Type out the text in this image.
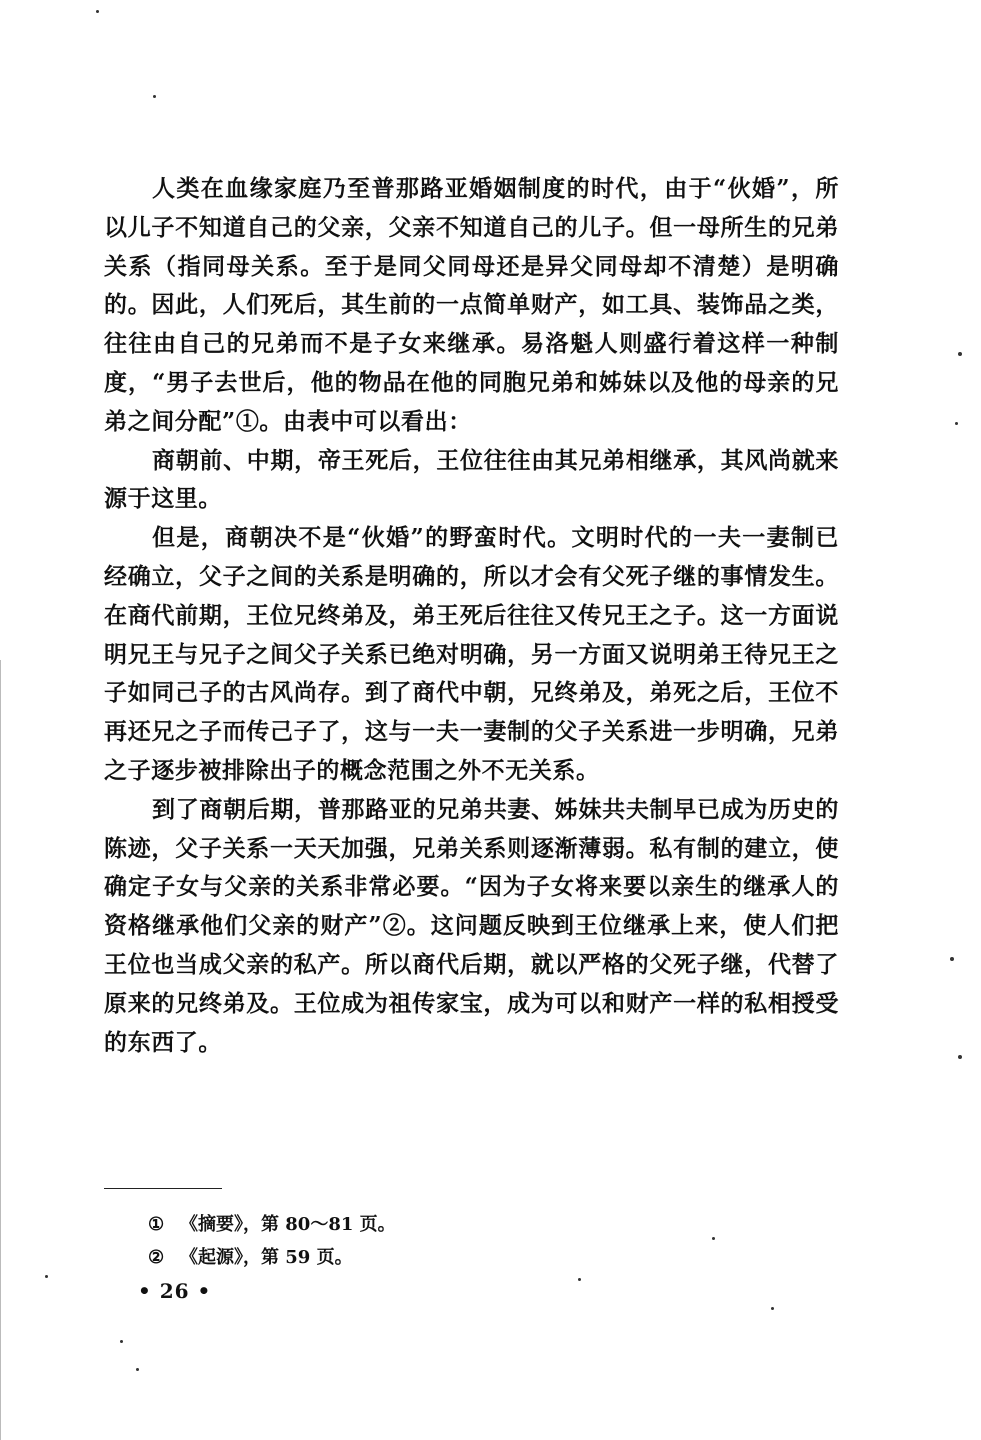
人类在血缘家庭乃至普那路亚婚姻制度的时代，由于“伙婚”，所以儿子不知道自己的父亲，父亲不知道自己的儿子。但一母所生的兄弟关系（指同母关系。至于是同父同母还是异父同母却不清楚）是明确的。因此，人们死后，其生前的一点简单财产，如工具、装饰品之类，往往由自己的兄弟而不是子女来继承。易洛魁人则盛行着这样一种制度，“男子去世后，他的物品在他的同胞兄弟和姊妹以及他的母亲的兄弟之间分配”①。由表中可以看出：

商朝前、中期，帝王死后，王位往往由其兄弟相继承，其风尚就来源于这里。

但是，商朝决不是“伙婚”的野蛮时代。文明时代的一夫一妻制已经确立，父子之间的关系是明确的，所以才会有父死子继的事情发生。在商代前期，王位兄终弟及，弟王死后往往又传兄王之子。这一方面说明兄王与兄子之间父子关系已绝对明确，另一方面又说明弟王待兄王之子如同己子的古风尚存。到了商代中朝，兄终弟及，弟死之后，王位不再还兄之子而传己子了，这与一夫一妻制的父子关系进一步明确，兄弟之子逐步被排除出子的概念范围之外不无关系。

到了商朝后期，普那路亚的兄弟共妻、姊妹共夫制早已成为历史的陈迹，父子关系一天天加强，兄弟关系则逐渐薄弱。私有制的建立，使确定子女与父亲的关系非常必要。“因为子女将来要以亲生的继承人的资格继承他们父亲的财产”②。这问题反映到王位继承上来，使人们把王位也当成父亲的私产。所以商代后期，就以严格的父死子继，代替了原来的兄终弟及。王位成为祖传家宝，成为可以和财产一样的私相授受的东西了。

① 《摘要》，第 80～81 页。
② 《起源》，第 59 页。
• 26 •
